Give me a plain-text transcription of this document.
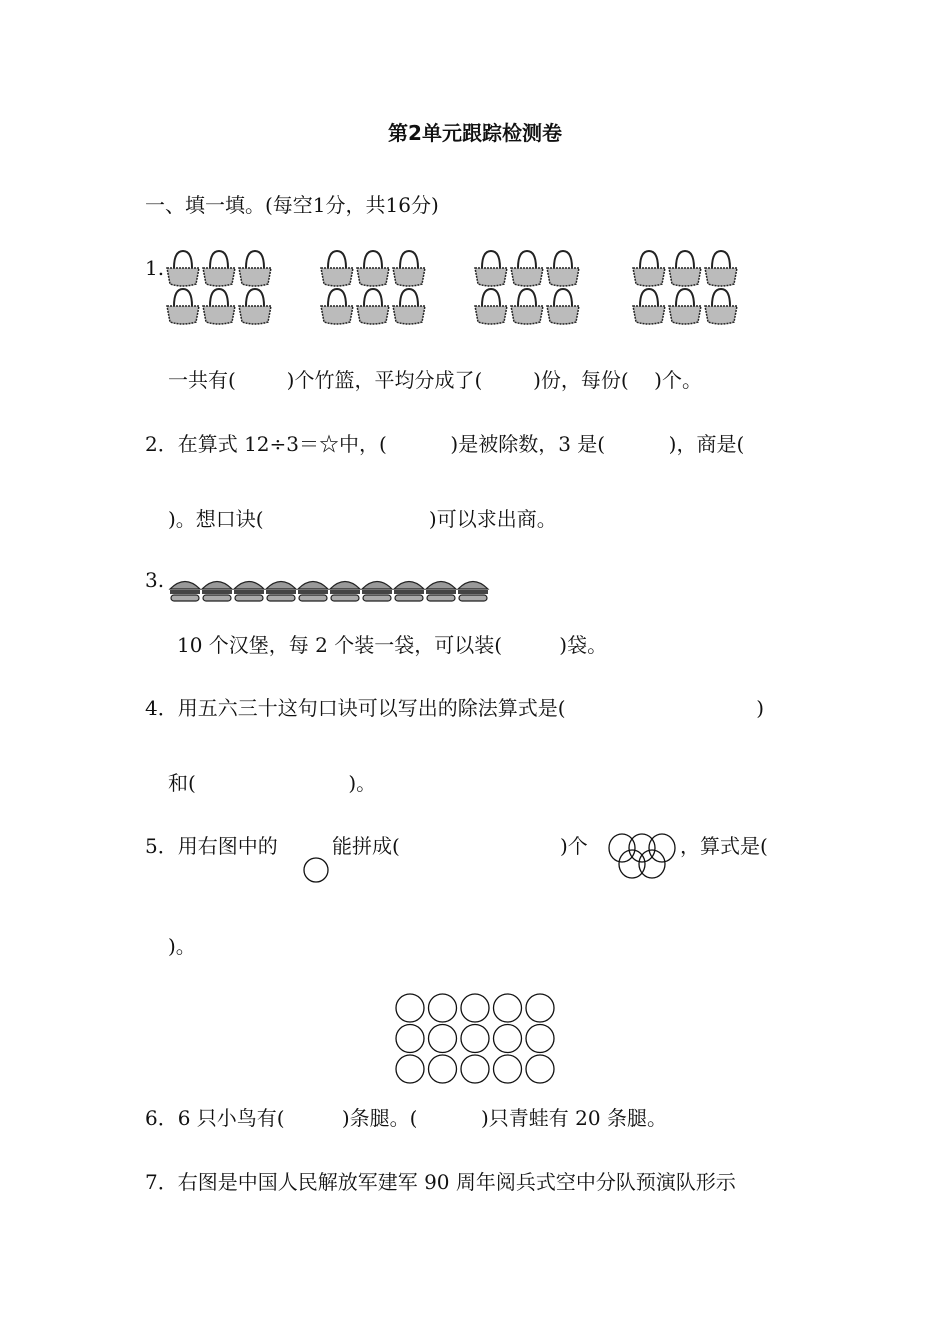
第2单元跟踪检测卷
一、填一填。(每空1分，共16分)
1.
一共有(        )个竹篮，平均分成了(        )份，每份(    )个。
2．在算式 12÷3＝☆中，(          )是被除数，3 是(          )，商是(
)。想口诀(                          )可以求出商。
3.
10 个汉堡，每 2 个装一袋，可以装(         )袋。
4．用五六三十这句口诀可以写出的除法算式是(                              )
和(                        )。
5．用右图中的	能拼成(	)个	，算式是(
)。
6．6 只小鸟有(         )条腿。(          )只青蛙有 20 条腿。
7．右图是中国人民解放军建军 90 周年阅兵式空中分队预演队形示
